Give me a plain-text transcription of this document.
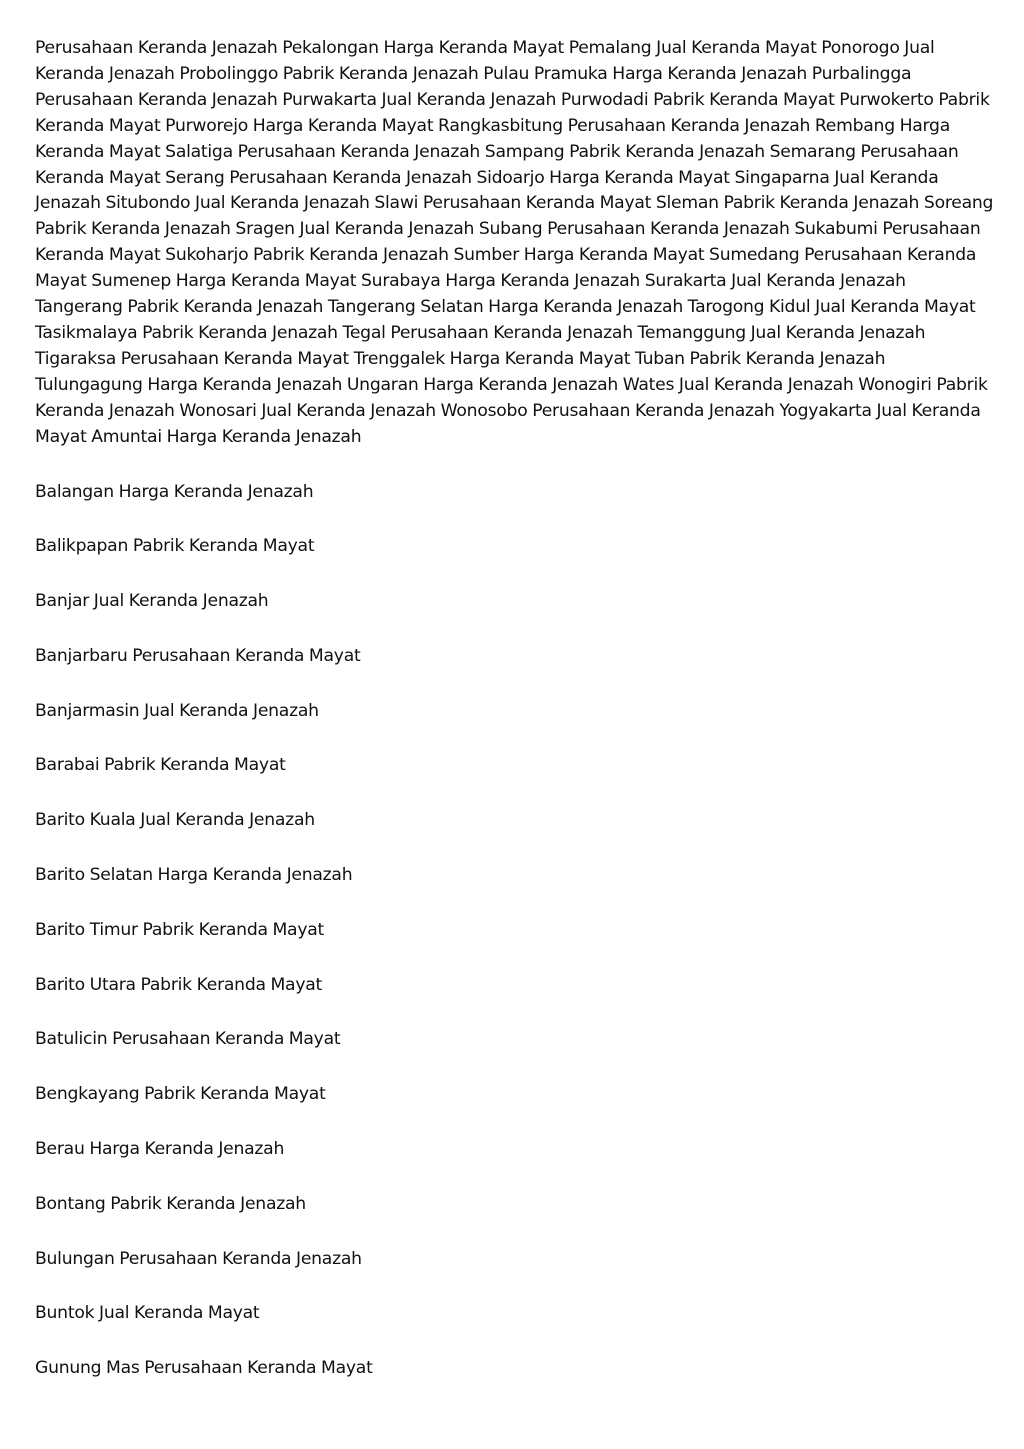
Perusahaan Keranda Jenazah Pekalongan Harga Keranda Mayat Pemalang Jual Keranda Mayat Ponorogo Jual Keranda Jenazah Probolinggo Pabrik Keranda Jenazah Pulau Pramuka Harga Keranda Jenazah Purbalingga Perusahaan Keranda Jenazah Purwakarta Jual Keranda Jenazah Purwodadi Pabrik Keranda Mayat Purwokerto Pabrik Keranda Mayat Purworejo Harga Keranda Mayat Rangkasbitung Perusahaan Keranda Jenazah Rembang Harga Keranda Mayat Salatiga Perusahaan Keranda Jenazah Sampang Pabrik Keranda Jenazah Semarang Perusahaan Keranda Mayat Serang Perusahaan Keranda Jenazah Sidoarjo Harga Keranda Mayat Singaparna Jual Keranda Jenazah Situbondo Jual Keranda Jenazah Slawi Perusahaan Keranda Mayat Sleman Pabrik Keranda Jenazah Soreang Pabrik Keranda Jenazah Sragen Jual Keranda Jenazah Subang Perusahaan Keranda Jenazah Sukabumi Perusahaan Keranda Mayat Sukoharjo Pabrik Keranda Jenazah Sumber Harga Keranda Mayat Sumedang Perusahaan Keranda Mayat Sumenep Harga Keranda Mayat Surabaya Harga Keranda Jenazah Surakarta Jual Keranda Jenazah Tangerang Pabrik Keranda Jenazah Tangerang Selatan Harga Keranda Jenazah Tarogong Kidul Jual Keranda Mayat Tasikmalaya Pabrik Keranda Jenazah Tegal Perusahaan Keranda Jenazah Temanggung Jual Keranda Jenazah Tigaraksa Perusahaan Keranda Mayat Trenggalek Harga Keranda Mayat Tuban Pabrik Keranda Jenazah Tulungagung Harga Keranda Jenazah Ungaran Harga Keranda Jenazah Wates Jual Keranda Jenazah Wonogiri Pabrik Keranda Jenazah Wonosari Jual Keranda Jenazah Wonosobo Perusahaan Keranda Jenazah Yogyakarta Jual Keranda Mayat Amuntai Harga Keranda Jenazah

Balangan Harga Keranda Jenazah
Balikpapan Pabrik Keranda Mayat
Banjar Jual Keranda Jenazah
Banjarbaru Perusahaan Keranda Mayat
Banjarmasin Jual Keranda Jenazah
Barabai Pabrik Keranda Mayat
Barito Kuala Jual Keranda Jenazah
Barito Selatan Harga Keranda Jenazah
Barito Timur Pabrik Keranda Mayat
Barito Utara Pabrik Keranda Mayat
Batulicin Perusahaan Keranda Mayat
Bengkayang Pabrik Keranda Mayat
Berau Harga Keranda Jenazah
Bontang Pabrik Keranda Jenazah
Bulungan Perusahaan Keranda Jenazah
Buntok Jual Keranda Mayat
Gunung Mas Perusahaan Keranda Mayat
